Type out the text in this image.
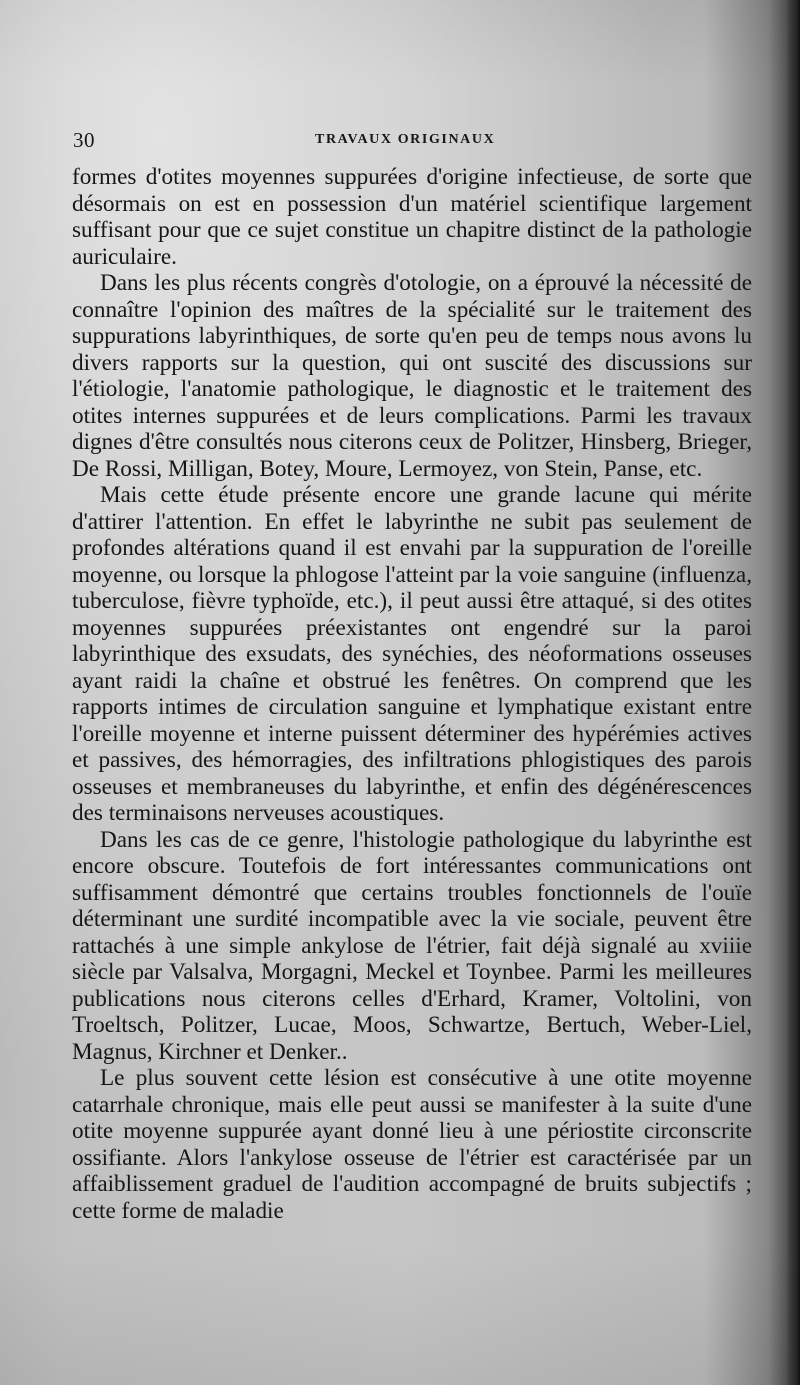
30	TRAVAUX ORIGINAUX

formes d'otites moyennes suppurées d'origine infectieuse, de sorte que désormais on est en possession d'un matériel scientifique largement suffisant pour que ce sujet constitue un chapitre distinct de la pathologie auriculaire.

Dans les plus récents congrès d'otologie, on a éprouvé la nécessité de connaître l'opinion des maîtres de la spécialité sur le traitement des suppurations labyrinthiques, de sorte qu'en peu de temps nous avons lu divers rapports sur la question, qui ont suscité des discussions sur l'étiologie, l'anatomie pathologique, le diagnostic et le traitement des otites internes suppurées et de leurs complications. Parmi les travaux dignes d'être consultés nous citerons ceux de Politzer, Hinsberg, Brieger, De Rossi, Milligan, Botey, Moure, Lermoyez, von Stein, Panse, etc.

Mais cette étude présente encore une grande lacune qui mérite d'attirer l'attention. En effet le labyrinthe ne subit pas seulement de profondes altérations quand il est envahi par la suppuration de l'oreille moyenne, ou lorsque la phlogose l'atteint par la voie sanguine (influenza, tuberculose, fièvre typhoïde, etc.), il peut aussi être attaqué, si des otites moyennes suppurées préexistantes ont engendré sur la paroi labyrinthique des exsudats, des synéchies, des néoformations osseuses ayant raidi la chaîne et obstrué les fenêtres. On comprend que les rapports intimes de circulation sanguine et lymphatique existant entre l'oreille moyenne et interne puissent déterminer des hypérémies actives et passives, des hémorragies, des infiltrations phlogistiques des parois osseuses et membraneuses du labyrinthe, et enfin des dégénérescences des terminaisons nerveuses acoustiques.

Dans les cas de ce genre, l'histologie pathologique du labyrinthe est encore obscure. Toutefois de fort intéressantes communications ont suffisamment démontré que certains troubles fonctionnels de l'ouïe déterminant une surdité incompatible avec la vie sociale, peuvent être rattachés à une simple ankylose de l'étrier, fait déjà signalé au xviiie siècle par Valsalva, Morgagni, Meckel et Toynbee. Parmi les meilleures publications nous citerons celles d'Erhard, Kramer, Voltolini, von Troeltsch, Politzer, Lucae, Moos, Schwartze, Bertuch, Weber-Liel, Magnus, Kirchner et Denker..

Le plus souvent cette lésion est consécutive à une otite moyenne catarrhale chronique, mais elle peut aussi se manifester à la suite d'une otite moyenne suppurée ayant donné lieu à une périostite circonscrite ossifiante. Alors l'ankylose osseuse de l'étrier est caractérisée par un affaiblissement graduel de l'audition accompagné de bruits subjectifs ; cette forme de maladie
